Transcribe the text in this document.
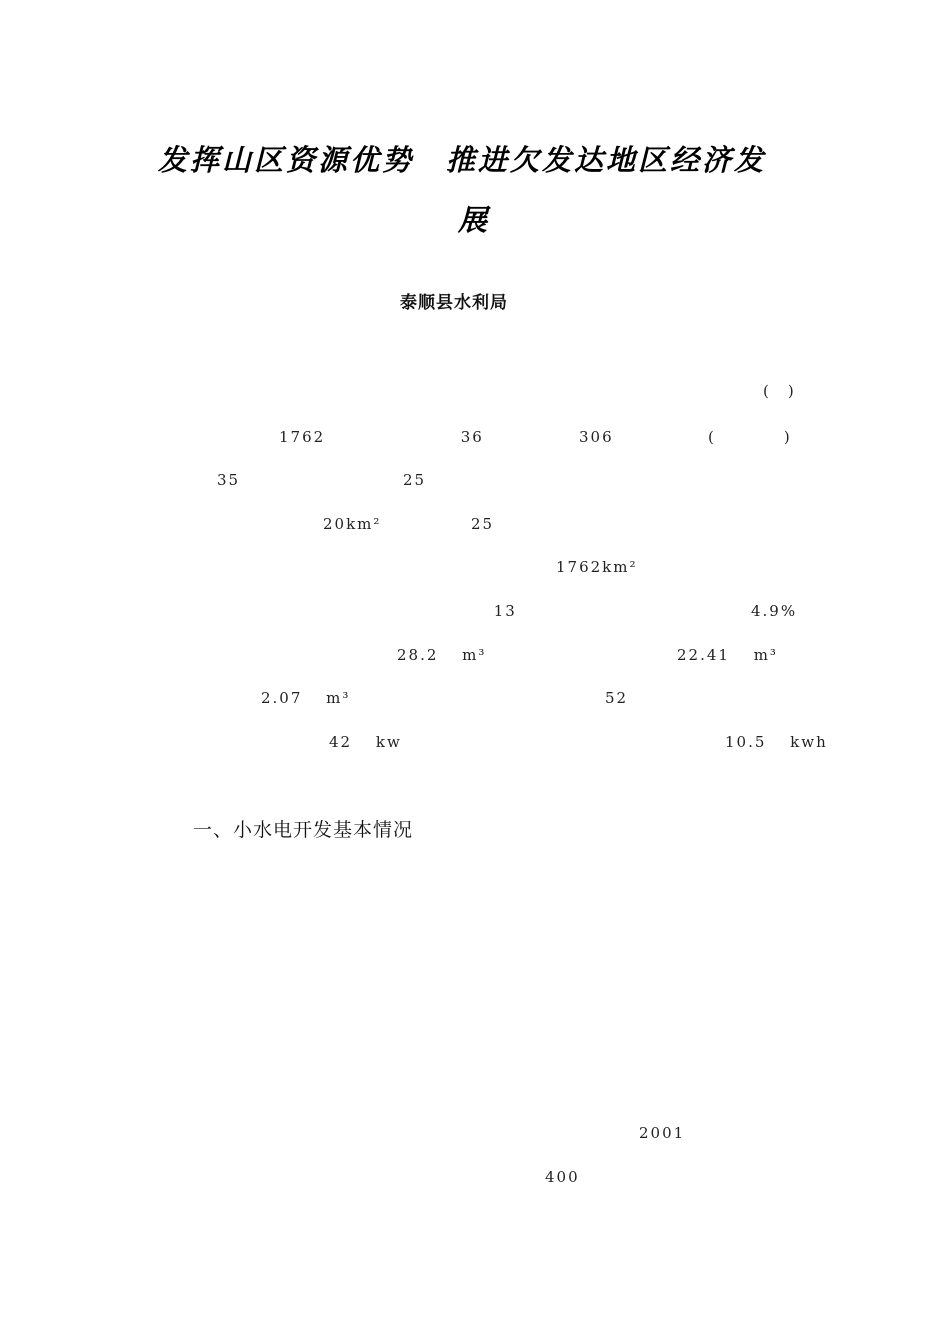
发挥山区资源优势　推进欠发达地区经济发
展
泰顺县水利局

(　)

1762　　　　　 　 36　　　　 306　　　　 (　　　　)　

35　　　
　　　　	25　　　　　　　　　

20km²　　　　 25　　

1762km²　　　　　　　

　 13　　　
　　　　　　　	4.9%　

28.2　 m³　　　　　　　	22.41　 m³　

2.07　 m³　
　　　　　　　　　　	52　　　　　

42　 kw　
　　　　	10.5　 kwh　

一、小水电开发基本情况

2001　　　　　

400　　　　　　　　　
